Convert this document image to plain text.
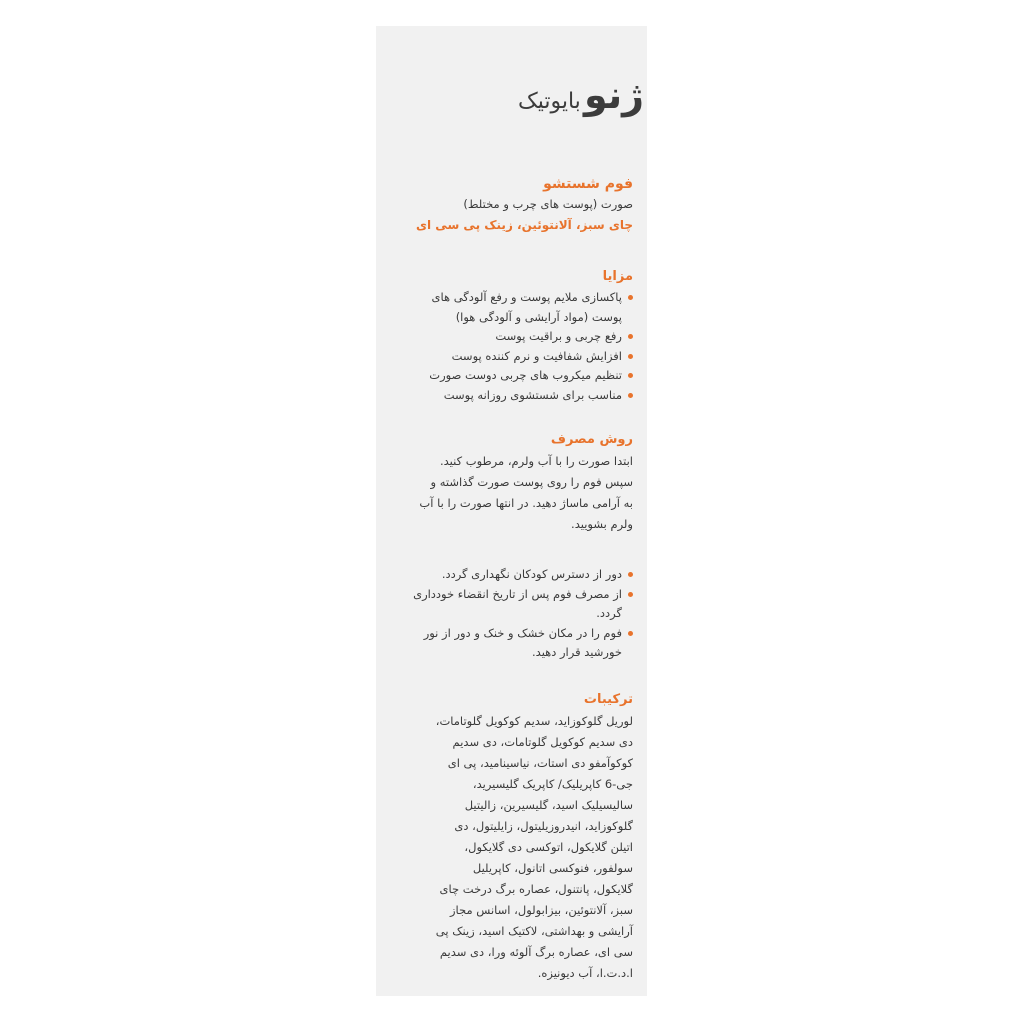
ژنو
بایوتیک
فوم شستشو
صورت (پوست های چرب و مختلط)
چای سبز، آلانتوئین، زینک پی سی ای
مزایا
پاکسازی ملایم پوست و رفع آلودگی های
پوست (مواد آرایشی و آلودگی هوا)
رفع چربی و براقیت پوست
افزایش شفافیت و نرم کننده پوست
تنظیم میکروب های چربی دوست صورت
مناسب برای شستشوی روزانه پوست
روش مصرف
ابتدا صورت را با آب ولرم، مرطوب کنید.
سپس فوم را روی پوست صورت گذاشته و
به آرامی ماساژ دهید. در انتها صورت را با آب
ولرم بشویید.
دور از دسترس کودکان نگهداری گردد.
از مصرف فوم پس از تاریخ انقضاء خودداری
گردد.
فوم را در مکان خشک و خنک و دور از نور
خورشید قرار دهید.
ترکیبات
لوریل گلوکوزاید، سدیم کوکویل گلوتامات،
دی سدیم کوکویل گلوتامات، دی سدیم
کوکوآمفو دی استات، نیاسینامید، پی ای
جی-6 کاپریلیک/ کاپریک گلیسیرید،
سالیسیلیک اسید، گلیسیرین، زالیتیل
گلوکوزاید، انیدروزیلیتول، زایلیتول، دی
اتیلن گلایکول، اتوکسی دی گلایکول،
سولفور، فنوکسی اتانول، کاپریلیل
گلایکول، پانتنول، عصاره برگ درخت چای
سبز، آلانتوئین، بیزابولول، اسانس مجاز
آرایشی و بهداشتی، لاکتیک اسید، زینک پی
سی ای، عصاره برگ آلوئه ورا، دی سدیم
ا.د.ت.ا، آب دیونیزه.
